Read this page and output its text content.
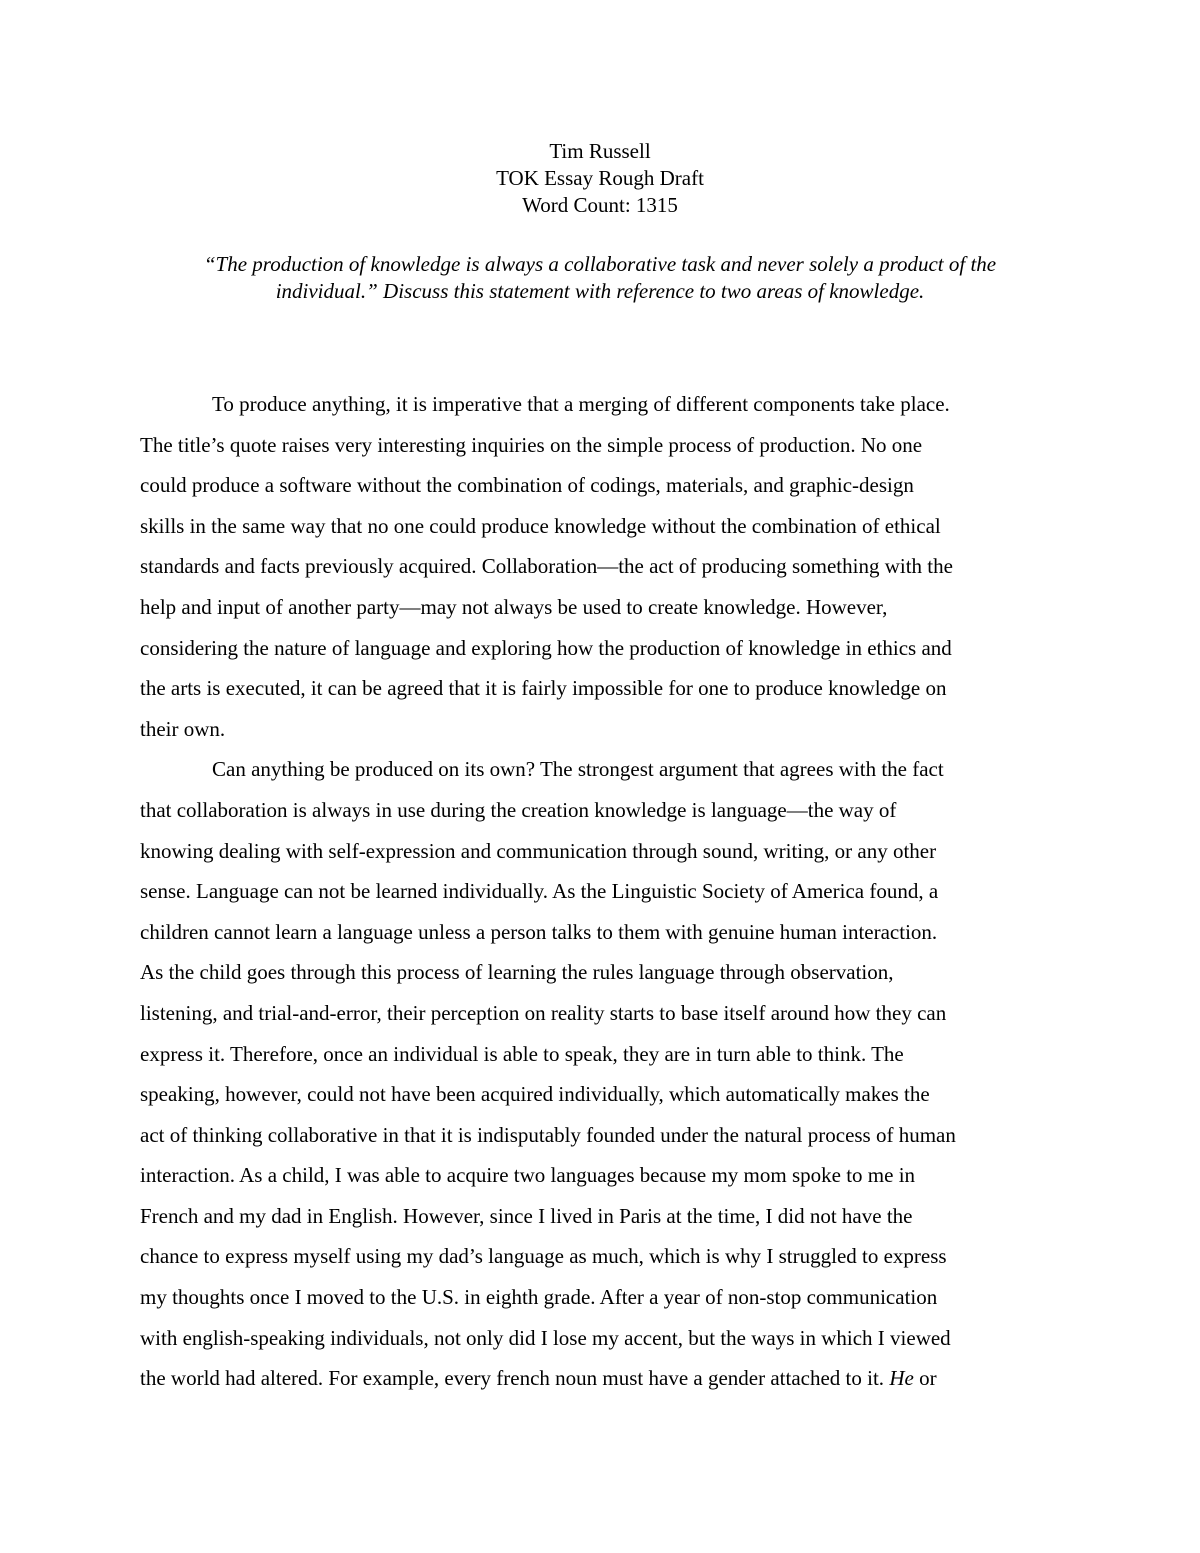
Tim Russell
TOK Essay Rough Draft
Word Count: 1315
“The production of knowledge is always a collaborative task and never solely a product of the
individual.” Discuss this statement with reference to two areas of knowledge.
To produce anything, it is imperative that a merging of different components take place.
The title’s quote raises very interesting inquiries on the simple process of production. No one
could produce a software without the combination of codings, materials, and graphic-design
skills in the same way that no one could produce knowledge without the combination of ethical
standards and facts previously acquired. Collaboration—the act of producing something with the
help and input of another party—may not always be used to create knowledge. However,
considering the nature of language and exploring how the production of knowledge in ethics and
the arts is executed, it can be agreed that it is fairly impossible for one to produce knowledge on
their own.
Can anything be produced on its own? The strongest argument that agrees with the fact
that collaboration is always in use during the creation knowledge is language—the way of
knowing dealing with self-expression and communication through sound, writing, or any other
sense. Language can not be learned individually. As the Linguistic Society of America found, a
children cannot learn a language unless a person talks to them with genuine human interaction.
As the child goes through this process of learning the rules language through observation,
listening, and trial-and-error, their perception on reality starts to base itself around how they can
express it. Therefore, once an individual is able to speak, they are in turn able to think. The
speaking, however, could not have been acquired individually, which automatically makes the
act of thinking collaborative in that it is indisputably founded under the natural process of human
interaction. As a child, I was able to acquire two languages because my mom spoke to me in
French and my dad in English. However, since I lived in Paris at the time, I did not have the
chance to express myself using my dad’s language as much, which is why I struggled to express
my thoughts once I moved to the U.S. in eighth grade. After a year of non-stop communication
with english-speaking individuals, not only did I lose my accent, but the ways in which I viewed
the world had altered. For example, every french noun must have a gender attached to it. He or
